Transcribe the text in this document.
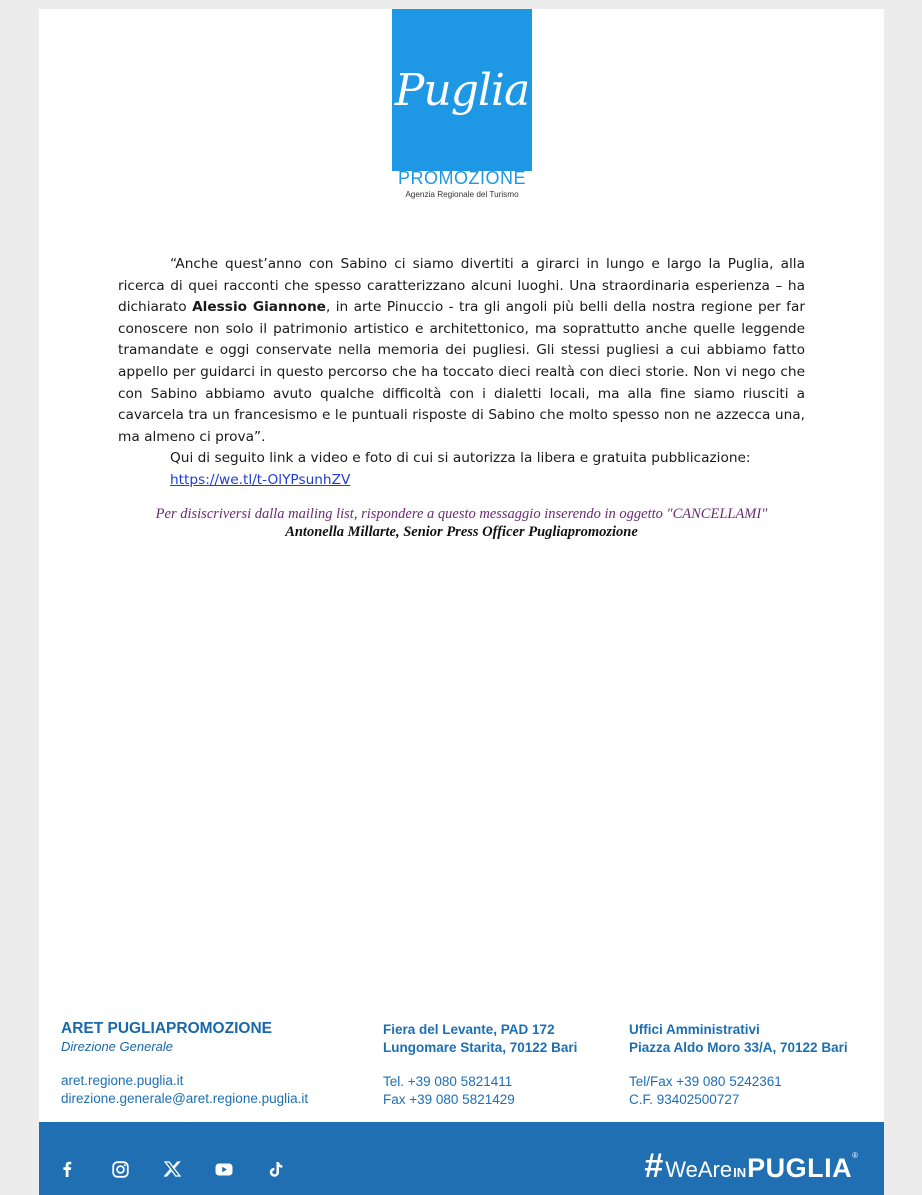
Puglia
PROMOZIONE
Agenzia Regionale del Turismo

“Anche quest’anno con Sabino ci siamo divertiti a girarci in lungo e largo la Puglia, alla ricerca di quei racconti che spesso caratterizzano alcuni luoghi. Una straordinaria esperienza – ha dichiarato Alessio Giannone, in arte Pinuccio - tra gli angoli più belli della nostra regione per far conoscere non solo il patrimonio artistico e architettonico, ma soprattutto anche quelle leggende tramandate e oggi conservate nella memoria dei pugliesi. Gli stessi pugliesi a cui abbiamo fatto appello per guidarci in questo percorso che ha toccato dieci realtà con dieci storie. Non vi nego che con Sabino abbiamo avuto qualche difficoltà con i dialetti locali, ma alla fine siamo riusciti a cavarcela tra un francesismo e le puntuali risposte di Sabino che molto spesso non ne azzecca una, ma almeno ci prova”.

Qui di seguito link a video e foto di cui si autorizza la libera e gratuita pubblicazione:
https://we.tl/t-OlYPsunhZV

Per disiscriversi dalla mailing list, rispondere a questo messaggio inserendo in oggetto "CANCELLAMI"
Antonella Millarte, Senior Press Officer Pugliapromozione
ARET PUGLIAPROMOZIONE
Direzione Generale
aret.regione.puglia.it
direzione.generale@aret.regione.puglia.it
Fiera del Levante, PAD 172
Lungomare Starita, 70122 Bari
Tel. +39 080 5821411
Fax +39 080 5821429
Uffici Amministrativi
Piazza Aldo Moro 33/A, 70122 Bari
Tel/Fax +39 080 5242361
C.F. 93402500727
# WeAre IN PUGLIA ®
